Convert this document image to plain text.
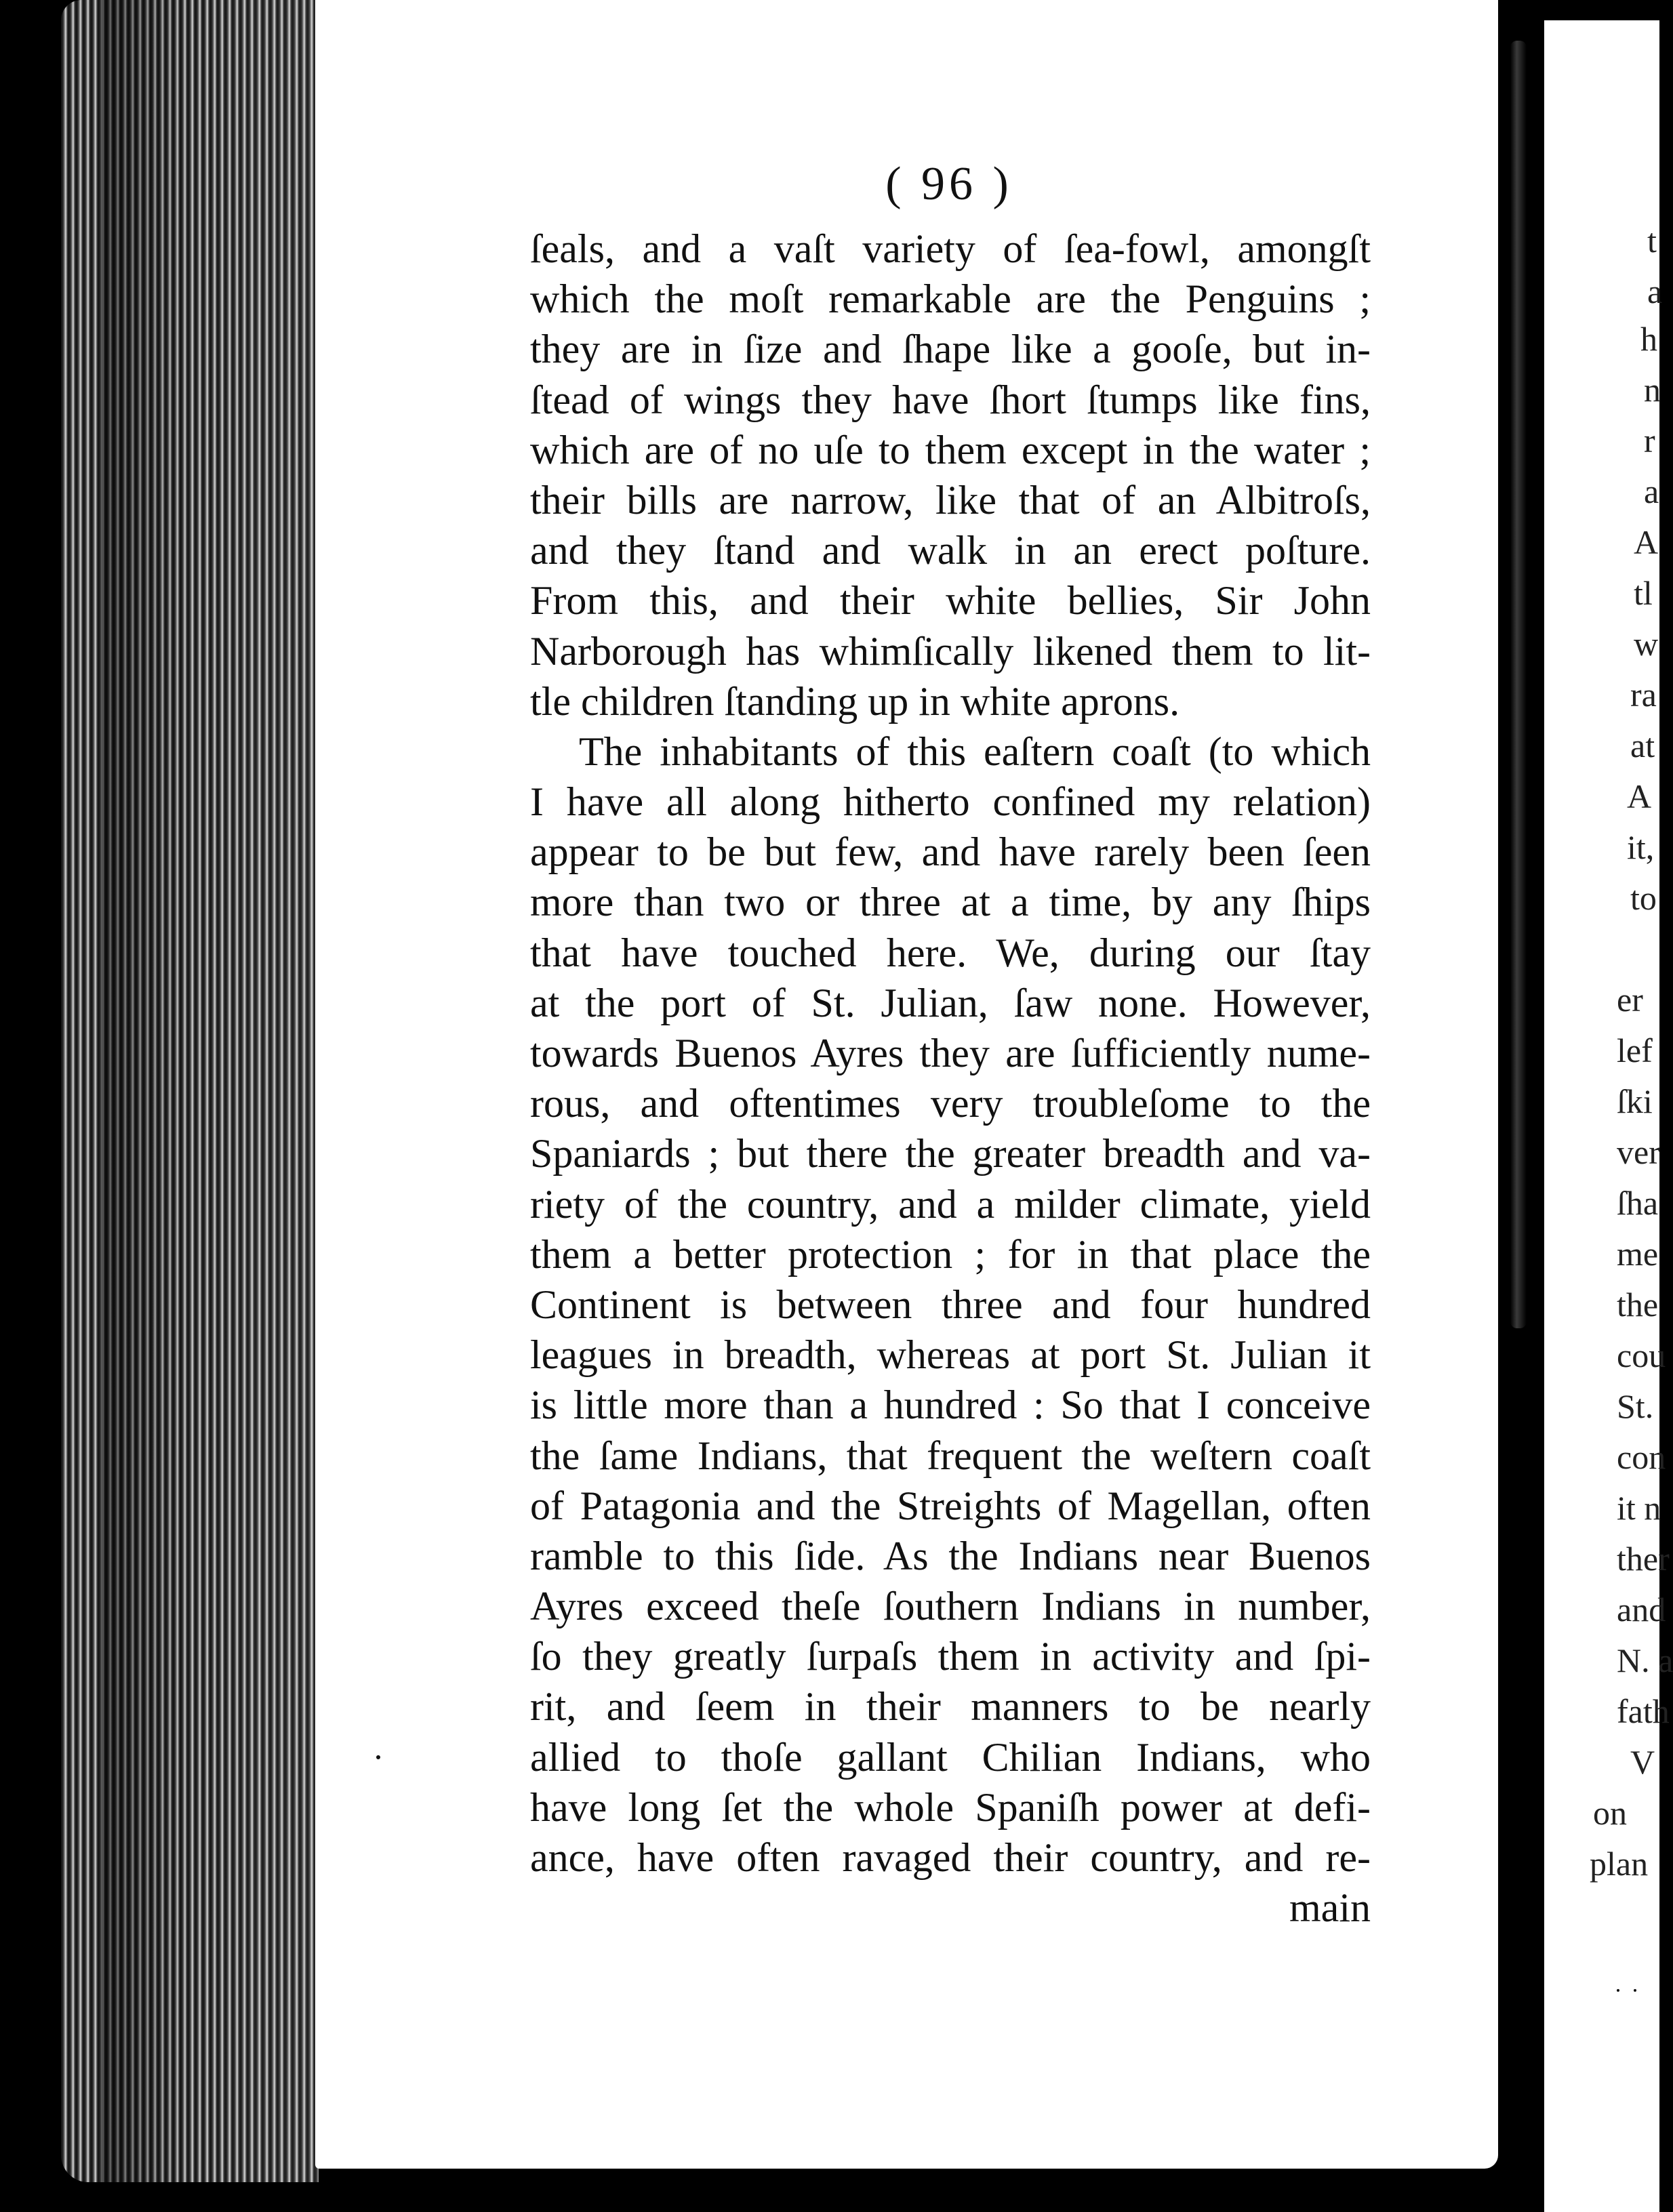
( 96 )
ſeals, and a vaſt variety of ſea-fowl, amongſt
which the moſt remarkable are the Penguins ;
they are in ſize and ſhape like a gooſe, but in-
ſtead of wings they have ſhort ſtumps like fins,
which are of no uſe to them except in the water ;
their bills are narrow, like that of an Albitroſs,
and they ſtand and walk in an erect poſture.
From this, and their white bellies, Sir John
Narborough has whimſically likened them to lit-
tle children ſtanding up in white aprons.
The inhabitants of this eaſtern coaſt (to which
I have all along hitherto confined my relation)
appear to be but few, and have rarely been ſeen
more than two or three at a time, by any ſhips
that have touched here. We, during our ſtay
at the port of St. Julian, ſaw none. However,
towards Buenos Ayres they are ſufficiently nume-
rous, and oftentimes very troubleſome to the
Spaniards ; but there the greater breadth and va-
riety of the country, and a milder climate, yield
them a better protection ; for in that place the
Continent is between three and four hundred
leagues in breadth, whereas at port St. Julian it
is little more than a hundred : So that I conceive
the ſame Indians, that frequent the weſtern coaſt
of Patagonia and the Streights of Magellan, often
ramble to this ſide. As the Indians near Buenos
Ayres exceed theſe ſouthern Indians in number,
ſo they greatly ſurpaſs them in activity and ſpi-
rit, and ſeem in their manners to be nearly
allied to thoſe gallant Chilian Indians, who
have long ſet the whole Spaniſh power at defi-
ance, have often ravaged their country, and re-
main
t
a
h
n
r
a
A
tl
w
ra
at
A
it,
to
er
lef
ſki
ver
ſha
me
the
cou
St.
con
it n
ther
and
N. a
fath
V
on
plan
